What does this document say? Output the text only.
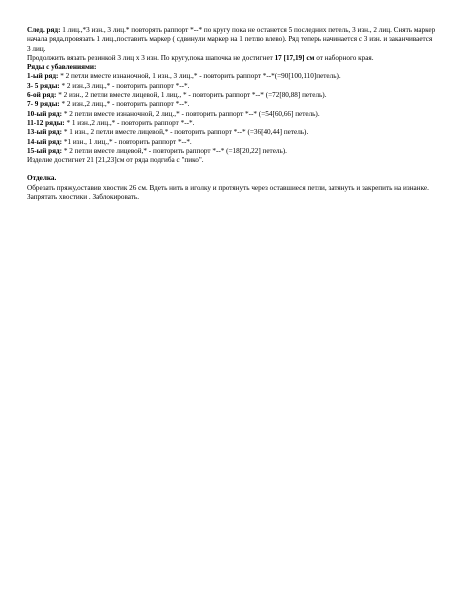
След. ряд: 1 лиц.,*3 изн., 3 лиц.* повторять раппорт *--* по кругу пока не останется 5 последних петель, 3 изн., 2 лиц. Снять маркер начала ряда,провязать 1 лиц.,поставить маркер ( сдвинули маркер на 1 петлю влево). Ряд теперь начинается с 3 изн. и заканчивается 3 лиц.

Продолжить вязать резинкой 3 лиц х 3 изн. По кругу,пока шапочка не достигнет 17 [17,19] см от наборного края.

Ряды с убавлениями:

1-ый ряд: * 2 петли вместе изнаночной, 1 изн., 3 лиц.,* - повторить раппорт *--*(=90[100,110]петель).

3- 5 ряды: * 2 изн.,3 лиц.,* - повторить раппорт *--*.

6-ой ряд: * 2 изн., 2 петли вместе лицевой, 1 лиц., * - повторить раппорт *--* (=72[80,88] петель).

7- 9 ряды: * 2 изн.,2 лиц.,* - повторить раппорт *--*.

10-ый ряд: * 2 петли вместе изнаночной, 2 лиц.,* - повторить раппорт *--* (=54[60,66] петель).

11-12 ряды: * 1 изн.,2 лиц.,* - повторить раппорт *--*.

13-ый ряд: * 1 изн., 2 петли вместе лицевой,* - повторить раппорт *--* (=36[40,44] петель).

14-ый ряд: *1 изн., 1 лиц.,* - повторить раппорт *--*.

15-ый ряд: * 2 петли вместе лицевой,* - повторить раппорт *--* (=18[20,22] петель).

Изделие достигнет 21 [21,23]см от ряда подгиба с "пико".

Отделка.

Обрезать пряжу,оставив хвостик 26 см. Вдеть нить в иголку и протянуть через оставшиеся петли, затянуть и закрепить на изнанке. Запрятать хвостики . Заблокировать.
